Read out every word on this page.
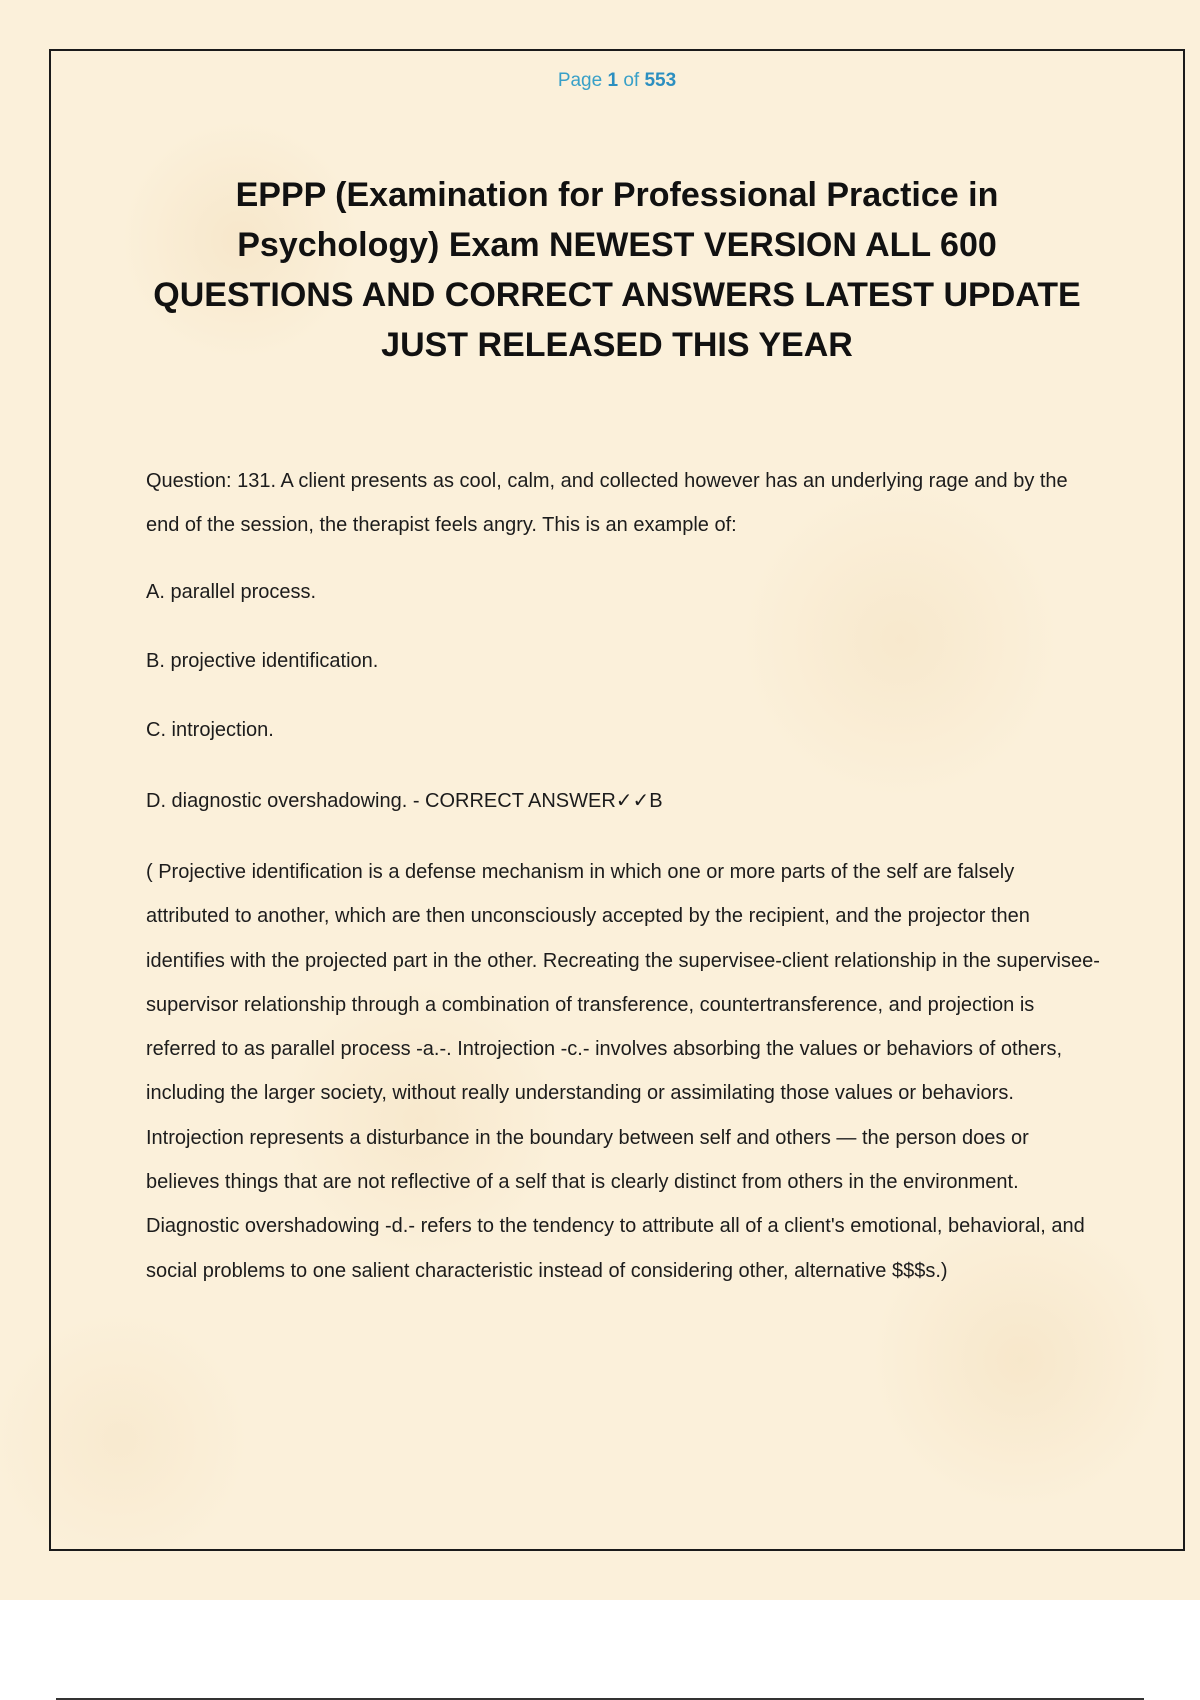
Page 1 of 553
EPPP (Examination for Professional Practice in Psychology) Exam NEWEST VERSION ALL 600 QUESTIONS AND CORRECT ANSWERS LATEST UPDATE JUST RELEASED THIS YEAR

Question: 131. A client presents as cool, calm, and collected however has an underlying rage and by the end of the session, the therapist feels angry. This is an example of:

A. parallel process.

B. projective identification.

C. introjection.

D. diagnostic overshadowing. - CORRECT ANSWER✓✓B

( Projective identification is a defense mechanism in which one or more parts of the self are falsely attributed to another, which are then unconsciously accepted by the recipient, and the projector then identifies with the projected part in the other. Recreating the supervisee-client relationship in the supervisee-supervisor relationship through a combination of transference, countertransference, and projection is referred to as parallel process -a.-. Introjection -c.- involves absorbing the values or behaviors of others, including the larger society, without really understanding or assimilating those values or behaviors. Introjection represents a disturbance in the boundary between self and others — the person does or believes things that are not reflective of a self that is clearly distinct from others in the environment. Diagnostic overshadowing -d.- refers to the tendency to attribute all of a client's emotional, behavioral, and social problems to one salient characteristic instead of considering other, alternative $$$s.)
